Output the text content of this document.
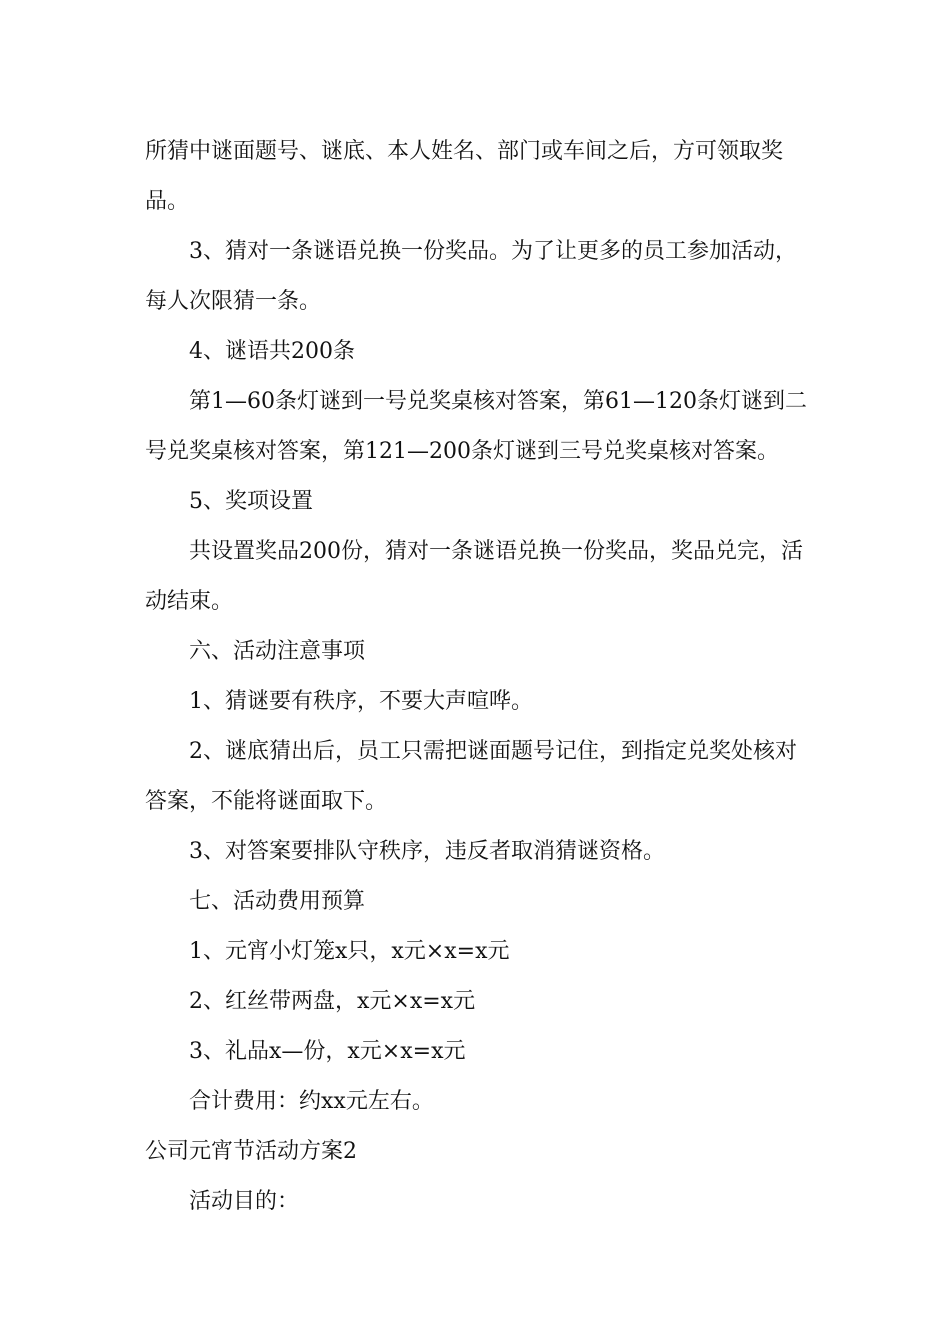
所猜中谜面题号、谜底、本人姓名、部门或车间之后，方可领取奖品。

3、猜对一条谜语兑换一份奖品。为了让更多的员工参加活动，每人次限猜一条。

4、谜语共200条

第1—60条灯谜到一号兑奖桌核对答案，第61—120条灯谜到二号兑奖桌核对答案，第121—200条灯谜到三号兑奖桌核对答案。

5、奖项设置

共设置奖品200份，猜对一条谜语兑换一份奖品，奖品兑完，活动结束。

六、活动注意事项

1、猜谜要有秩序，不要大声喧哗。

2、谜底猜出后，员工只需把谜面题号记住，到指定兑奖处核对答案，不能将谜面取下。

3、对答案要排队守秩序，违反者取消猜谜资格。

七、活动费用预算

1、元宵小灯笼x只，x元×x=x元

2、红丝带两盘，x元×x=x元

3、礼品x—份，x元×x=x元

合计费用：约xx元左右。

公司元宵节活动方案2

活动目的：
